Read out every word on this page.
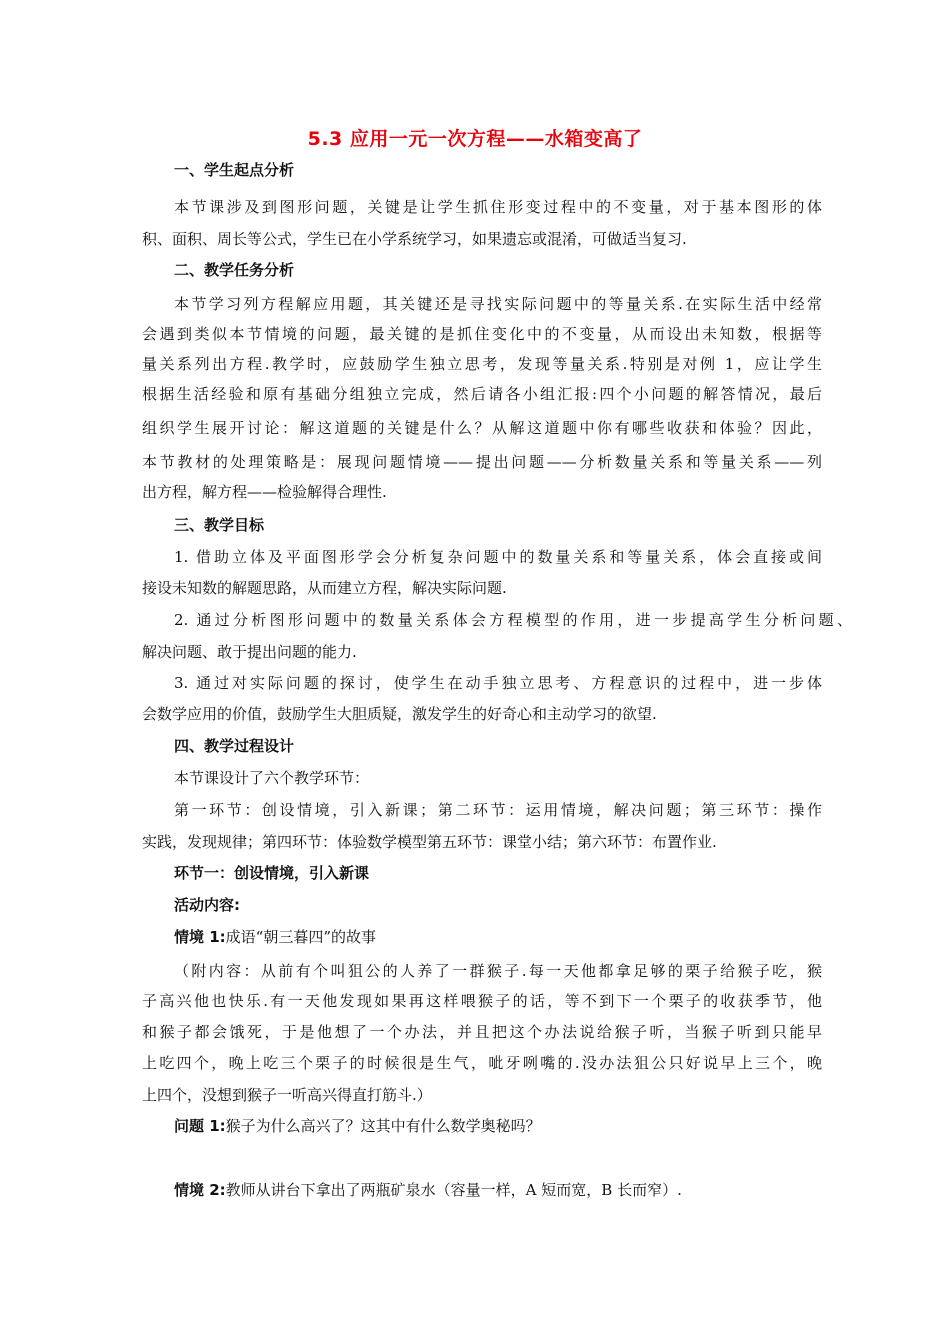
5.3 应用一元一次方程——水箱变高了
一、学生起点分析
本节课涉及到图形问题，关键是让学生抓住形变过程中的不变量，对于基本图形的体
积、面积、周长等公式，学生已在小学系统学习，如果遗忘或混淆，可做适当复习.
二、教学任务分析
本节学习列方程解应用题，其关键还是寻找实际问题中的等量关系.在实际生活中经常
会遇到类似本节情境的问题，最关键的是抓住变化中的不变量，从而设出未知数，根据等
量关系列出方程.教学时，应鼓励学生独立思考，发现等量关系.特别是对例 1，应让学生
根据生活经验和原有基础分组独立完成，然后请各小组汇报:四个小问题的解答情况，最后
组织学生展开讨论：解这道题的关键是什么？从解这道题中你有哪些收获和体验？因此，
本节教材的处理策略是：展现问题情境——提出问题——分析数量关系和等量关系——列
出方程，解方程——检验解得合理性.
三、教学目标
1. 借助立体及平面图形学会分析复杂问题中的数量关系和等量关系，体会直接或间
接设未知数的解题思路，从而建立方程，解决实际问题.
2. 通过分析图形问题中的数量关系体会方程模型的作用，进一步提高学生分析问题、
解决问题、敢于提出问题的能力.
3. 通过对实际问题的探讨，使学生在动手独立思考、方程意识的过程中，进一步体
会数学应用的价值，鼓励学生大胆质疑，激发学生的好奇心和主动学习的欲望.
四、教学过程设计
本节课设计了六个教学环节：
第一环节：创设情境，引入新课；第二环节：运用情境，解决问题；第三环节：操作
实践，发现规律；第四环节：体验数学模型第五环节：课堂小结；第六环节：布置作业.
环节一：创设情境，引入新课
活动内容:
情境 1:成语“朝三暮四”的故事
（附内容：从前有个叫狙公的人养了一群猴子.每一天他都拿足够的栗子给猴子吃，猴
子高兴他也快乐.有一天他发现如果再这样喂猴子的话，等不到下一个栗子的收获季节，他
和猴子都会饿死，于是他想了一个办法，并且把这个办法说给猴子听，当猴子听到只能早
上吃四个，晚上吃三个栗子的时候很是生气，呲牙咧嘴的.没办法狙公只好说早上三个，晚
上四个，没想到猴子一听高兴得直打筋斗.）
问题 1:猴子为什么高兴了？这其中有什么数学奥秘吗？
情境 2:教师从讲台下拿出了两瓶矿泉水（容量一样，A 短而宽，B 长而窄）.
